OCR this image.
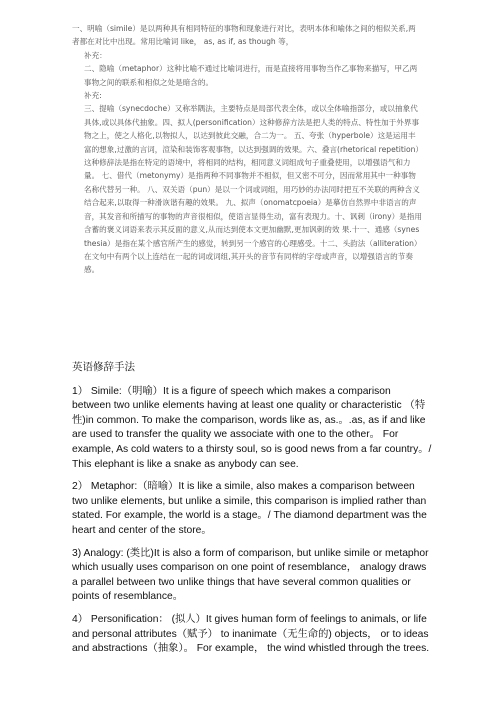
一、明喻（simile）是以两种具有相同特征的事物和现象进行对比，表明本体和喻体之间的相似关系,两者都在对比中出现。常用比喻词 like， as, as if, as though 等，

补充：

二、隐喻（metaphor）这种比喻不通过比喻词进行，而是直接将用事物当作乙事物来描写，甲乙两事物之间的联系和相似之处是暗含的。

补充:

三、提喻（synecdoche）又称举隅法，主要特点是局部代表全体，或以全体喻指部分，或以抽象代具体,或以具体代抽象。四、拟人(personification）这种修辞方法是把人类的特点、特性加于外界事物之上，使之人格化,以物拟人，以达到彼此交融，合二为一。 五、夸张（hyperbole）这是运用丰富的想象,过激的言词，渲染和装饰客观事物，以达到强调的效果。六、叠言(rhetorical repetition）这种修辞法是指在特定的语境中，将相同的结构，相同意义词组成句子重叠使用，以增强语气和力量。 七、借代（metonymy）是指两种不同事物并不相似，但又密不可分，因而常用其中一种事物名称代替另一种。 八、双关语（pun）是以一个词或词组，用巧妙的办法同时把互不关联的两种含义结合起来,以取得一种滑诙谐有趣的效果。 九、拟声（onomatcpoeia）是摹仿自然界中非语言的声音，其发音和所描写的事物的声音很相似，使语言显得生动，富有表现力。十、讽刺（irony）是指用含蓄的褒义词语来表示其反面的意义,从而达到使本文更加幽默,更加讽刺的效 果.十一、通感（synesthesia）是指在某个感官所产生的感觉，转到另一个感官的心理感受。十二、头韵法（alliteration）在文句中有两个以上连结在一起的词或词组,其开头的音节有同样的字母或声音，以增强语言的节奏感。

英语修辞手法

1） Simile:（明喻）It is a figure of speech which makes a comparison between two unlike elements having at least one quality or characteristic （特性)in common. To make the comparison, words like as, as.。.as, as if and like are used to transfer the quality we associate with one to the other。 For example, As cold waters to a thirsty soul, so is good news from a far country。/ This elephant is like a snake as anybody can see.

2） Metaphor:（暗喻）It is like a simile, also makes a comparison between two unlike elements, but unlike a simile, this comparison is implied rather than stated. For example, the world is a stage。/ The diamond department was the heart and center of the store。

3) Analogy: (类比)It is also a form of comparison, but unlike simile or metaphor which usually uses comparison on one point of resemblance， analogy draws a parallel between two unlike things that have several common qualities or points of resemblance。

4） Personification： (拟人）It gives human form of feelings to animals, or life and personal attributes（赋予） to inanimate（无生命的) objects， or to ideas and abstractions（抽象）。 For example， the wind whistled through the trees.
